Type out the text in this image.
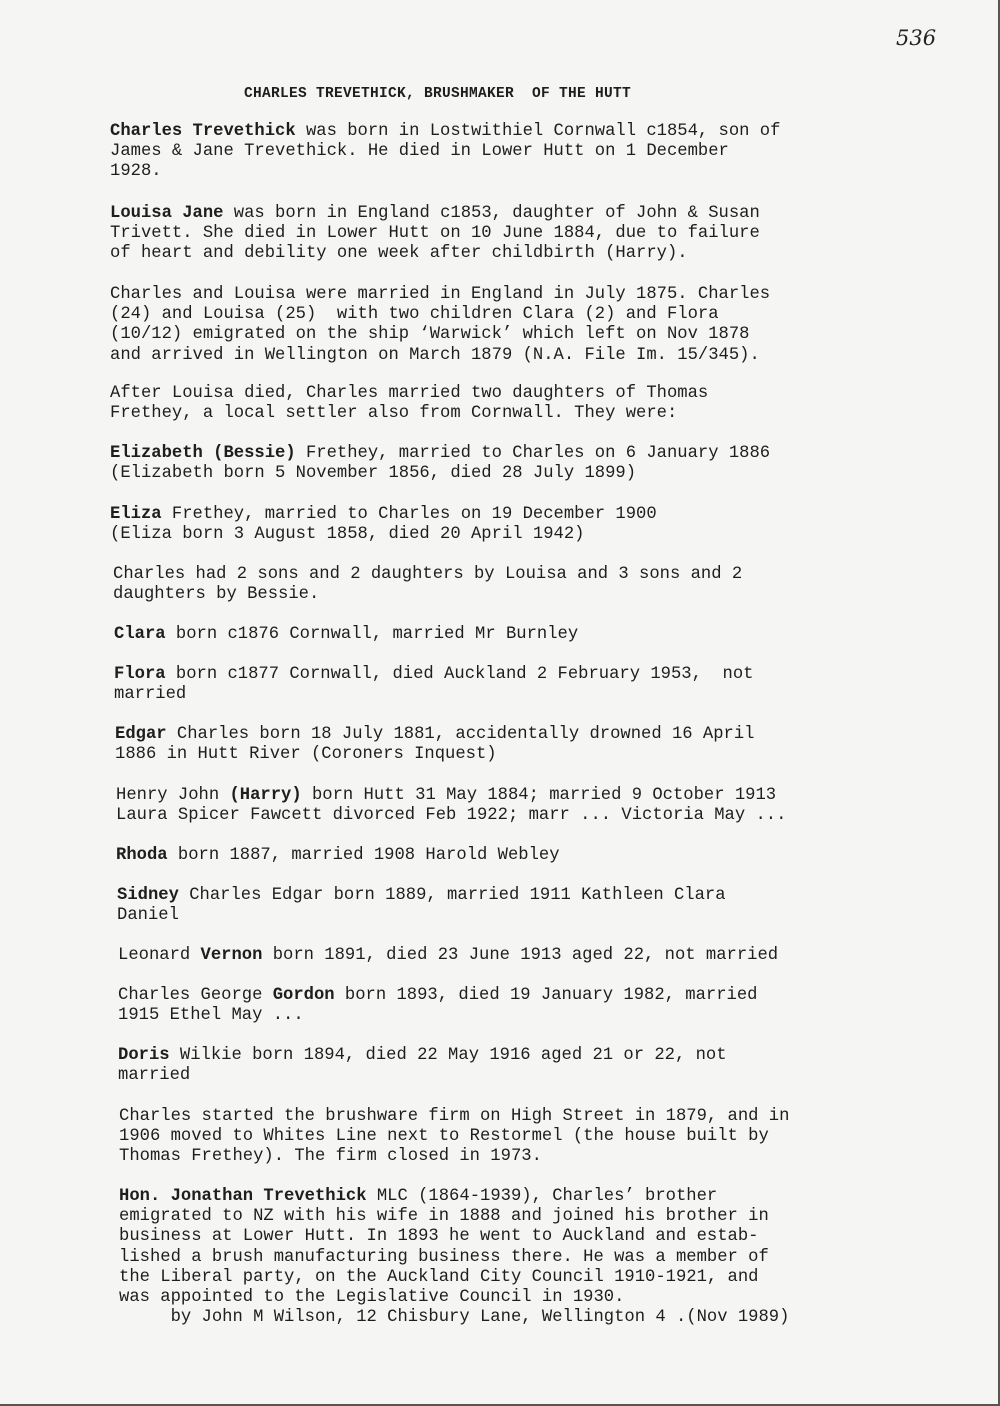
536
CHARLES TREVETHICK, BRUSHMAKER  OF THE HUTT
Charles Trevethick was born in Lostwithiel Cornwall c1854, son of
James & Jane Trevethick. He died in Lower Hutt on 1 December
1928.
Louisa Jane was born in England c1853, daughter of John & Susan
Trivett. She died in Lower Hutt on 10 June 1884, due to failure
of heart and debility one week after childbirth (Harry).
Charles and Louisa were married in England in July 1875. Charles
(24) and Louisa (25)  with two children Clara (2) and Flora
(10/12) emigrated on the ship ‘Warwick’ which left on Nov 1878
and arrived in Wellington on March 1879 (N.A. File Im. 15/345).
After Louisa died, Charles married two daughters of Thomas
Frethey, a local settler also from Cornwall. They were:
Elizabeth (Bessie) Frethey, married to Charles on 6 January 1886
(Elizabeth born 5 November 1856, died 28 July 1899)
Eliza Frethey, married to Charles on 19 December 1900
(Eliza born 3 August 1858, died 20 April 1942)
Charles had 2 sons and 2 daughters by Louisa and 3 sons and 2
daughters by Bessie.
Clara born c1876 Cornwall, married Mr Burnley
Flora born c1877 Cornwall, died Auckland 2 February 1953,  not
married
Edgar Charles born 18 July 1881, accidentally drowned 16 April
1886 in Hutt River (Coroners Inquest)
Henry John (Harry) born Hutt 31 May 1884; married 9 October 1913
Laura Spicer Fawcett divorced Feb 1922; marr ... Victoria May ...
Rhoda born 1887, married 1908 Harold Webley
Sidney Charles Edgar born 1889, married 1911 Kathleen Clara
Daniel
Leonard Vernon born 1891, died 23 June 1913 aged 22, not married
Charles George Gordon born 1893, died 19 January 1982, married
1915 Ethel May ...
Doris Wilkie born 1894, died 22 May 1916 aged 21 or 22, not
married
Charles started the brushware firm on High Street in 1879, and in
1906 moved to Whites Line next to Restormel (the house built by
Thomas Frethey). The firm closed in 1973.
Hon. Jonathan Trevethick MLC (1864-1939), Charles’ brother
emigrated to NZ with his wife in 1888 and joined his brother in
business at Lower Hutt. In 1893 he went to Auckland and estab-
lished a brush manufacturing business there. He was a member of
the Liberal party, on the Auckland City Council 1910-1921, and
was appointed to the Legislative Council in 1930.
by John M Wilson, 12 Chisbury Lane, Wellington 4 .(Nov 1989)
